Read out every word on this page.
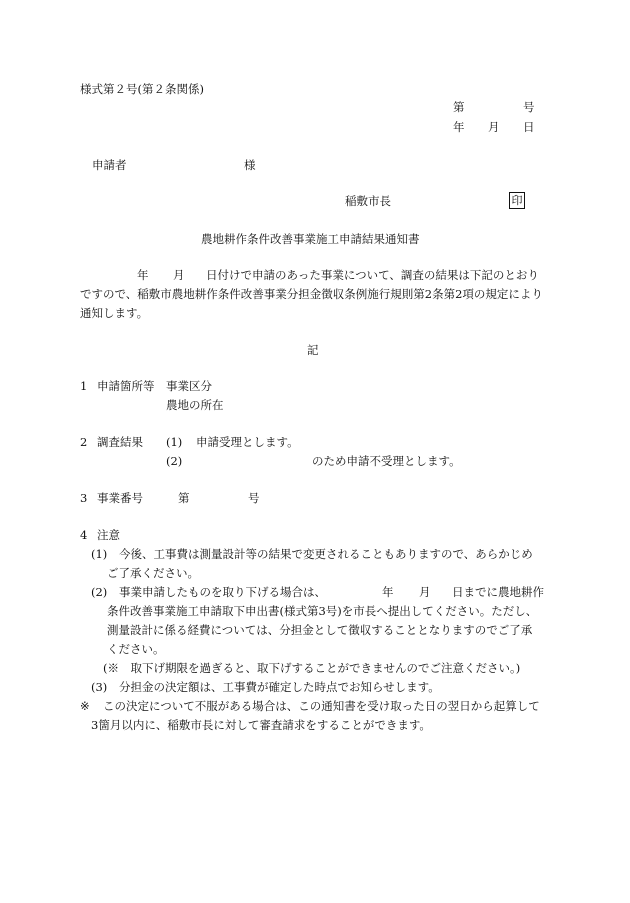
様式第２号(第２条関係)
第	号
年 月 日
申請者	様
稲敷市長	印
農地耕作条件改善事業施工申請結果通知書
年 月 日付けで申請のあった事業について、調査の結果は下記のとおり
ですので、稲敷市農地耕作条件改善事業分担金徴収条例施行規則第2条第2項の規定により
通知します。
記
1 申請箇所等 事業区分
農地の所在
2 調査結果 (1) 申請受理とします。
(2)	のため申請不受理とします。
3 事業番号	第	号
4 注意
(1) 今後、工事費は測量設計等の結果で変更されることもありますので、あらかじめ
ご了承ください。
(2) 事業申請したものを取り下げる場合は、	年 月 日までに農地耕作
条件改善事業施工申請取下申出書(様式第3号)を市長へ提出してください。ただし、
測量設計に係る経費については、分担金として徴収することとなりますのでご了承
ください。
(※　取下げ期限を過ぎると、取下げすることができませんのでご注意ください。)
(3) 分担金の決定額は、工事費が確定した時点でお知らせします。
※ この決定について不服がある場合は、この通知書を受け取った日の翌日から起算して
3箇月以内に、稲敷市長に対して審査請求をすることができます。
